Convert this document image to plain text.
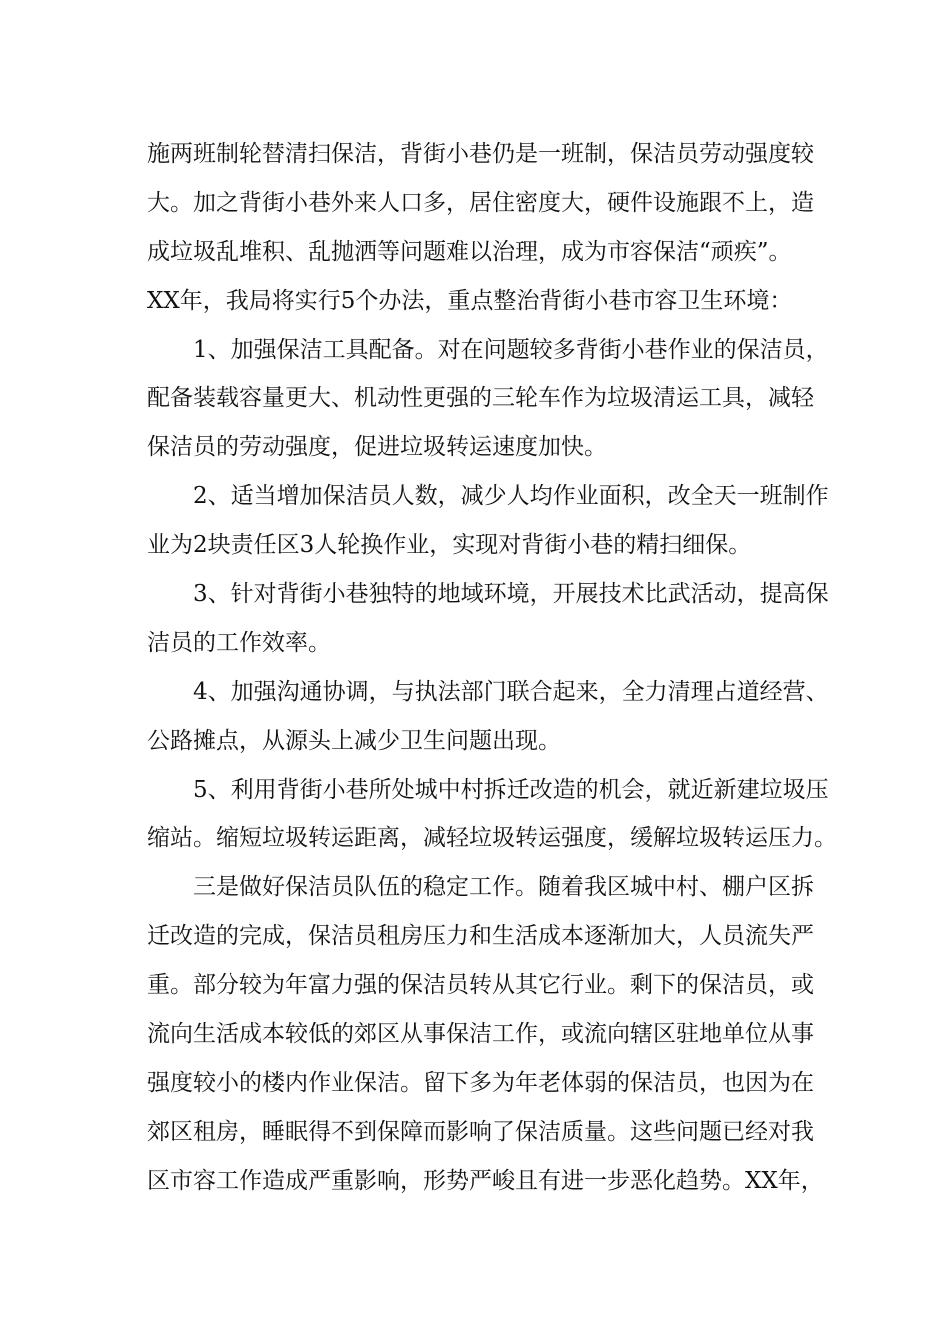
施两班制轮替清扫保洁，背街小巷仍是一班制，保洁员劳动强度较
大。加之背街小巷外来人口多，居住密度大，硬件设施跟不上，造
成垃圾乱堆积、乱抛洒等问题难以治理，成为市容保洁“顽疾”。
XX年，我局将实行5个办法，重点整治背街小巷市容卫生环境：
1、加强保洁工具配备。对在问题较多背街小巷作业的保洁员，
配备装载容量更大、机动性更强的三轮车作为垃圾清运工具，减轻
保洁员的劳动强度，促进垃圾转运速度加快。
2、适当增加保洁员人数，减少人均作业面积，改全天一班制作
业为2块责任区3人轮换作业，实现对背街小巷的精扫细保。
3、针对背街小巷独特的地域环境，开展技术比武活动，提高保
洁员的工作效率。
4、加强沟通协调，与执法部门联合起来，全力清理占道经营、
公路摊点，从源头上减少卫生问题出现。
5、利用背街小巷所处城中村拆迁改造的机会，就近新建垃圾压
缩站。缩短垃圾转运距离，减轻垃圾转运强度，缓解垃圾转运压力。
三是做好保洁员队伍的稳定工作。随着我区城中村、棚户区拆
迁改造的完成，保洁员租房压力和生活成本逐渐加大，人员流失严
重。部分较为年富力强的保洁员转从其它行业。剩下的保洁员，或
流向生活成本较低的郊区从事保洁工作，或流向辖区驻地单位从事
强度较小的楼内作业保洁。留下多为年老体弱的保洁员，也因为在
郊区租房，睡眠得不到保障而影响了保洁质量。这些问题已经对我
区市容工作造成严重影响，形势严峻且有进一步恶化趋势。XX年，
